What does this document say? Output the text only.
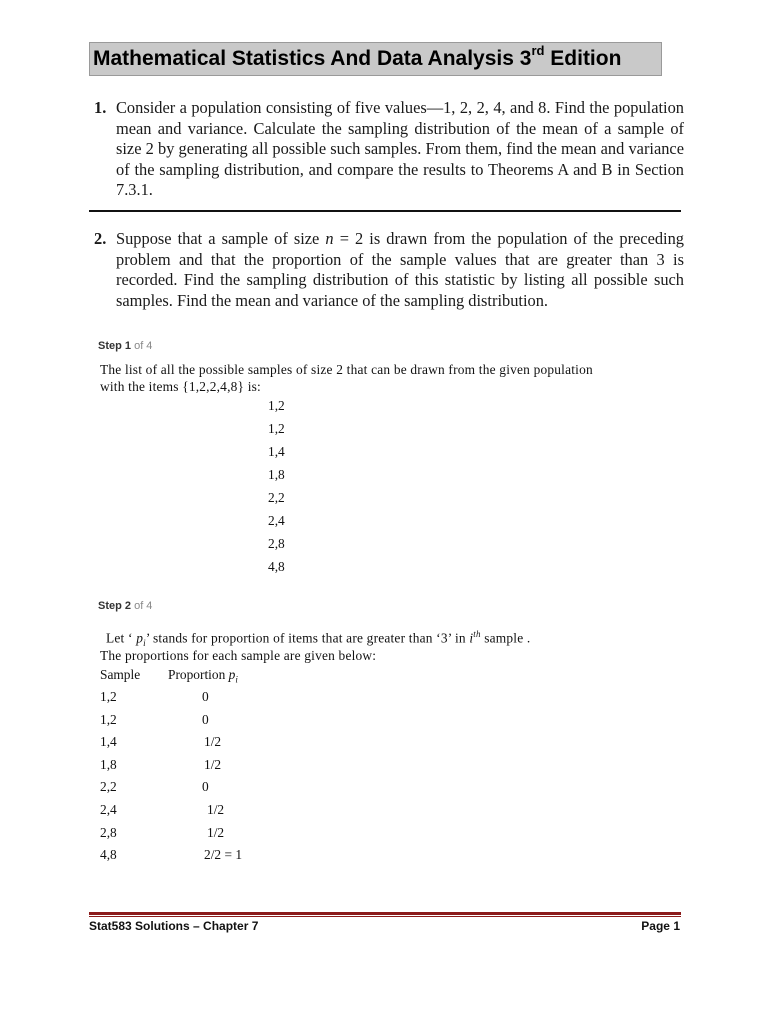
Mathematical Statistics And Data Analysis 3rd Edition
1. Consider a population consisting of five values—1, 2, 2, 4, and 8. Find the population mean and variance. Calculate the sampling distribution of the mean of a sample of size 2 by generating all possible such samples. From them, find the mean and variance of the sampling distribution, and compare the results to Theorems A and B in Section 7.3.1.
2. Suppose that a sample of size n = 2 is drawn from the population of the preceding problem and that the proportion of the sample values that are greater than 3 is recorded. Find the sampling distribution of this statistic by listing all possible such samples. Find the mean and variance of the sampling distribution.
Step 1 of 4
The list of all the possible samples of size 2 that can be drawn from the given population
with the items {1,2,2,4,8} is:
1,2
1,2
1,4
1,8
2,2
2,4
2,8
4,8
Step 2 of 4
Let ‘ $p_i$’ stands for proportion of items that are greater than ‘3’ in $i^{th}$ sample .
The proportions for each sample are given below:
Sample	Proportion $p_i$
1,2	0
1,2	0
1,4	1/2
1,8	1/2
2,2	0
2,4	1/2
2,8	1/2
4,8	2/2 = 1
Stat583 Solutions – Chapter 7	Page 1
